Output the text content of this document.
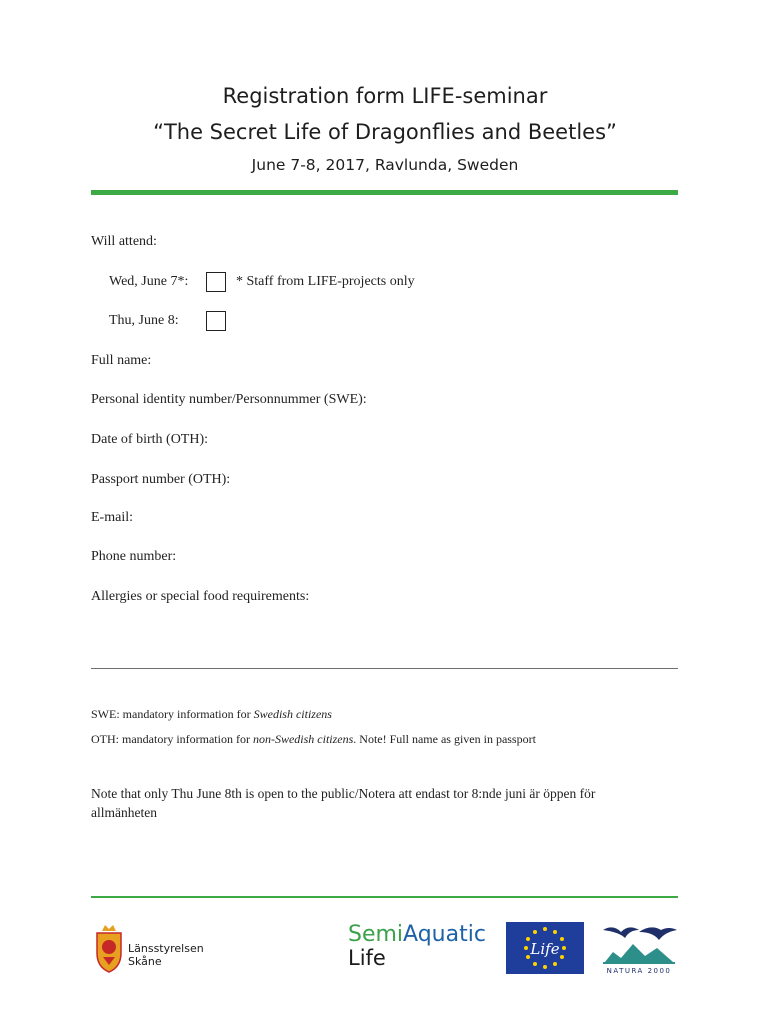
Registration form LIFE-seminar
“The Secret Life of Dragonflies and Beetles”
June 7-8, 2017, Ravlunda, Sweden
Will attend:
Wed, June 7*:	* Staff from LIFE-projects only
Thu, June 8:
Full name:
Personal identity number/Personnummer (SWE):
Date of birth (OTH):
Passport number (OTH):
E-mail:
Phone number:
Allergies or special food requirements:
SWE: mandatory information for Swedish citizens
OTH: mandatory information for non-Swedish citizens. Note! Full name as given in passport
Note that only Thu June 8th is open to the public/Notera att endast tor 8:nde juni är öppen för
allmänheten
Länsstyrelsen
Skåne
SemiAquatic
Life	Life
NATURA 2000
